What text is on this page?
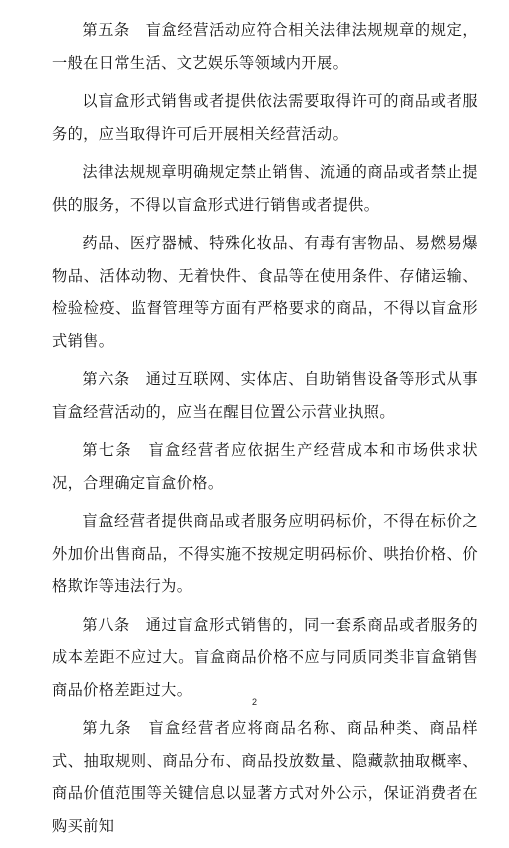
第五条　盲盒经营活动应符合相关法律法规规章的规定，一般在日常生活、文艺娱乐等领域内开展。

以盲盒形式销售或者提供依法需要取得许可的商品或者服务的，应当取得许可后开展相关经营活动。

法律法规规章明确规定禁止销售、流通的商品或者禁止提供的服务，不得以盲盒形式进行销售或者提供。

药品、医疗器械、特殊化妆品、有毒有害物品、易燃易爆物品、活体动物、无着快件、食品等在使用条件、存储运输、检验检疫、监督管理等方面有严格要求的商品，不得以盲盒形式销售。

第六条　通过互联网、实体店、自助销售设备等形式从事盲盒经营活动的，应当在醒目位置公示营业执照。

第七条　盲盒经营者应依据生产经营成本和市场供求状况，合理确定盲盒价格。

盲盒经营者提供商品或者服务应明码标价，不得在标价之外加价出售商品，不得实施不按规定明码标价、哄抬价格、价格欺诈等违法行为。

第八条　通过盲盒形式销售的，同一套系商品或者服务的成本差距不应过大。盲盒商品价格不应与同质同类非盲盒销售商品价格差距过大。

第九条　盲盒经营者应将商品名称、商品种类、商品样式、抽取规则、商品分布、商品投放数量、隐藏款抽取概率、商品价值范围等关键信息以显著方式对外公示，保证消费者在购买前知

2
